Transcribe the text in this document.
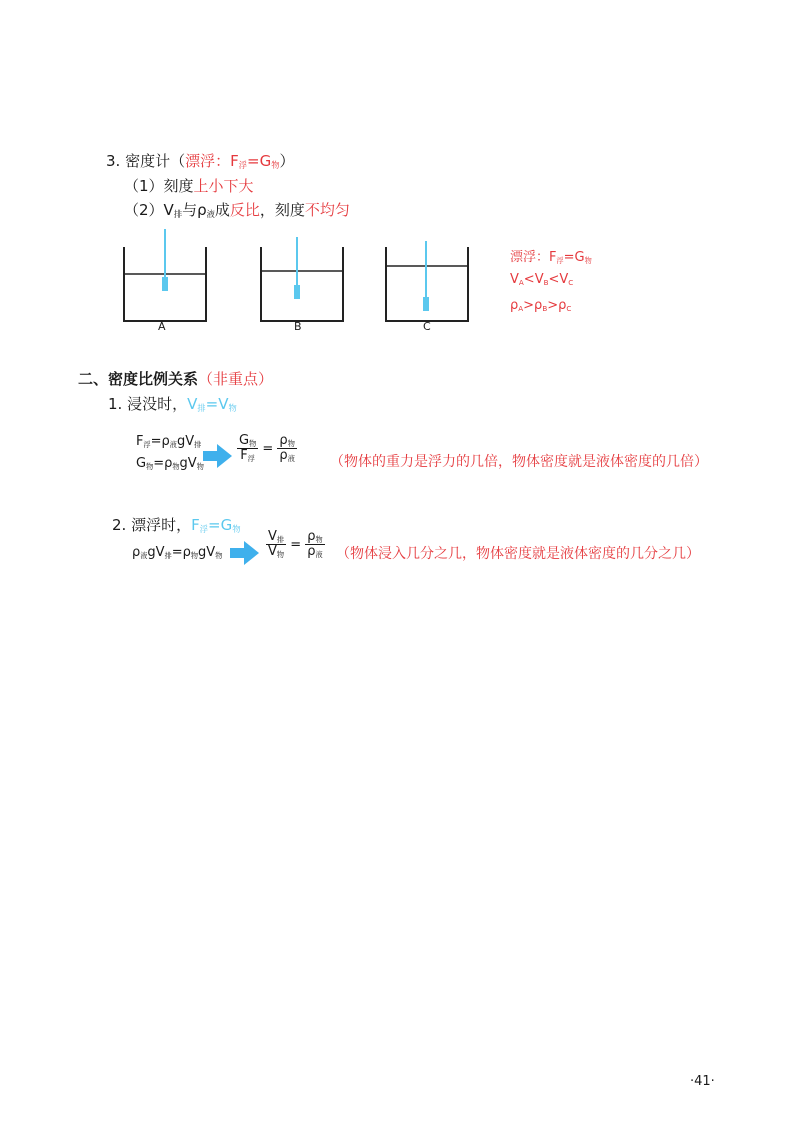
3. 密度计（漂浮：$F_浮=G_物$）
（1）刻度上小下大
$(2)V_排$与$\rho_液$成反比，刻度不均匀
A	B	C
漂浮：$F_浮=G_物$
$V_A<V_B<V_C$
$\rho_A>\rho_B>\rho_C$
二、密度比例关系（非重点）
1. 浸没时，$V_排=V_物$
$F_浮=\rho_液gV_排$
$G_物=\rho_物gV_物$
$\frac{G_物}{F_浮} = \frac{\rho_物}{\rho_液}$ （物体的重力是浮力的几倍，物体密度就是液体密度的几倍）
2. 漂浮时，$F_浮=G_物$
$\rho_液gV_排=\rho_物gV_物$	$\frac{V_排}{V_物} = \frac{\rho_物}{\rho_液}$ （物体浸入几分之几，物体密度就是液体密度的几分之几）
·41·
